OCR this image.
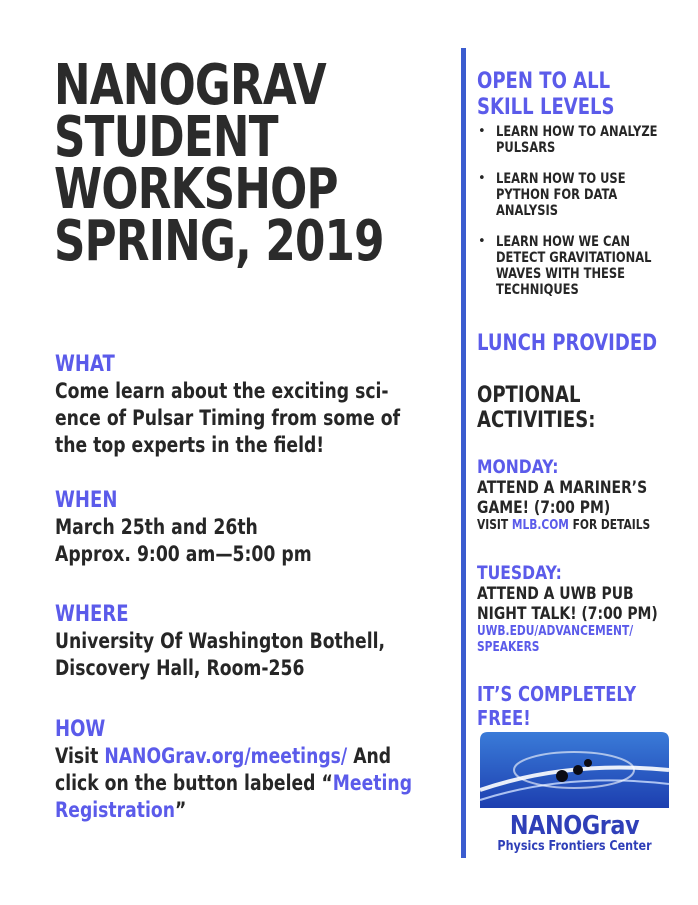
NANOGRAV
STUDENT
WORKSHOP
SPRING, 2019
WHAT
Come learn about the exciting sci-
ence of Pulsar Timing from some of
the top experts in the field!
WHEN
March 25th and 26th
Approx. 9:00 am—5:00 pm
WHERE
University Of Washington Bothell,
Discovery Hall, Room-256
HOW
Visit NANOGrav.org/meetings/ And
click on the button labeled “Meeting
Registration”
OPEN TO ALL
SKILL LEVELS
• LEARN HOW TO ANALYZE PULSARS
• LEARN HOW TO USE PYTHON FOR DATA ANALYSIS
• LEARN HOW WE CAN DETECT GRAVITATIONAL WAVES WITH THESE TECHNIQUES
LUNCH PROVIDED
OPTIONAL
ACTIVITIES:
MONDAY:
ATTEND A MARINER’S GAME! (7:00 PM)
VISIT MLB.COM FOR DETAILS
TUESDAY:
ATTEND A UWB PUB NIGHT TALK! (7:00 PM)
UWB.EDU/ADVANCEMENT/
SPEAKERS
IT’S COMPLETELY
FREE!
NANOGrav
Physics Frontiers Center
